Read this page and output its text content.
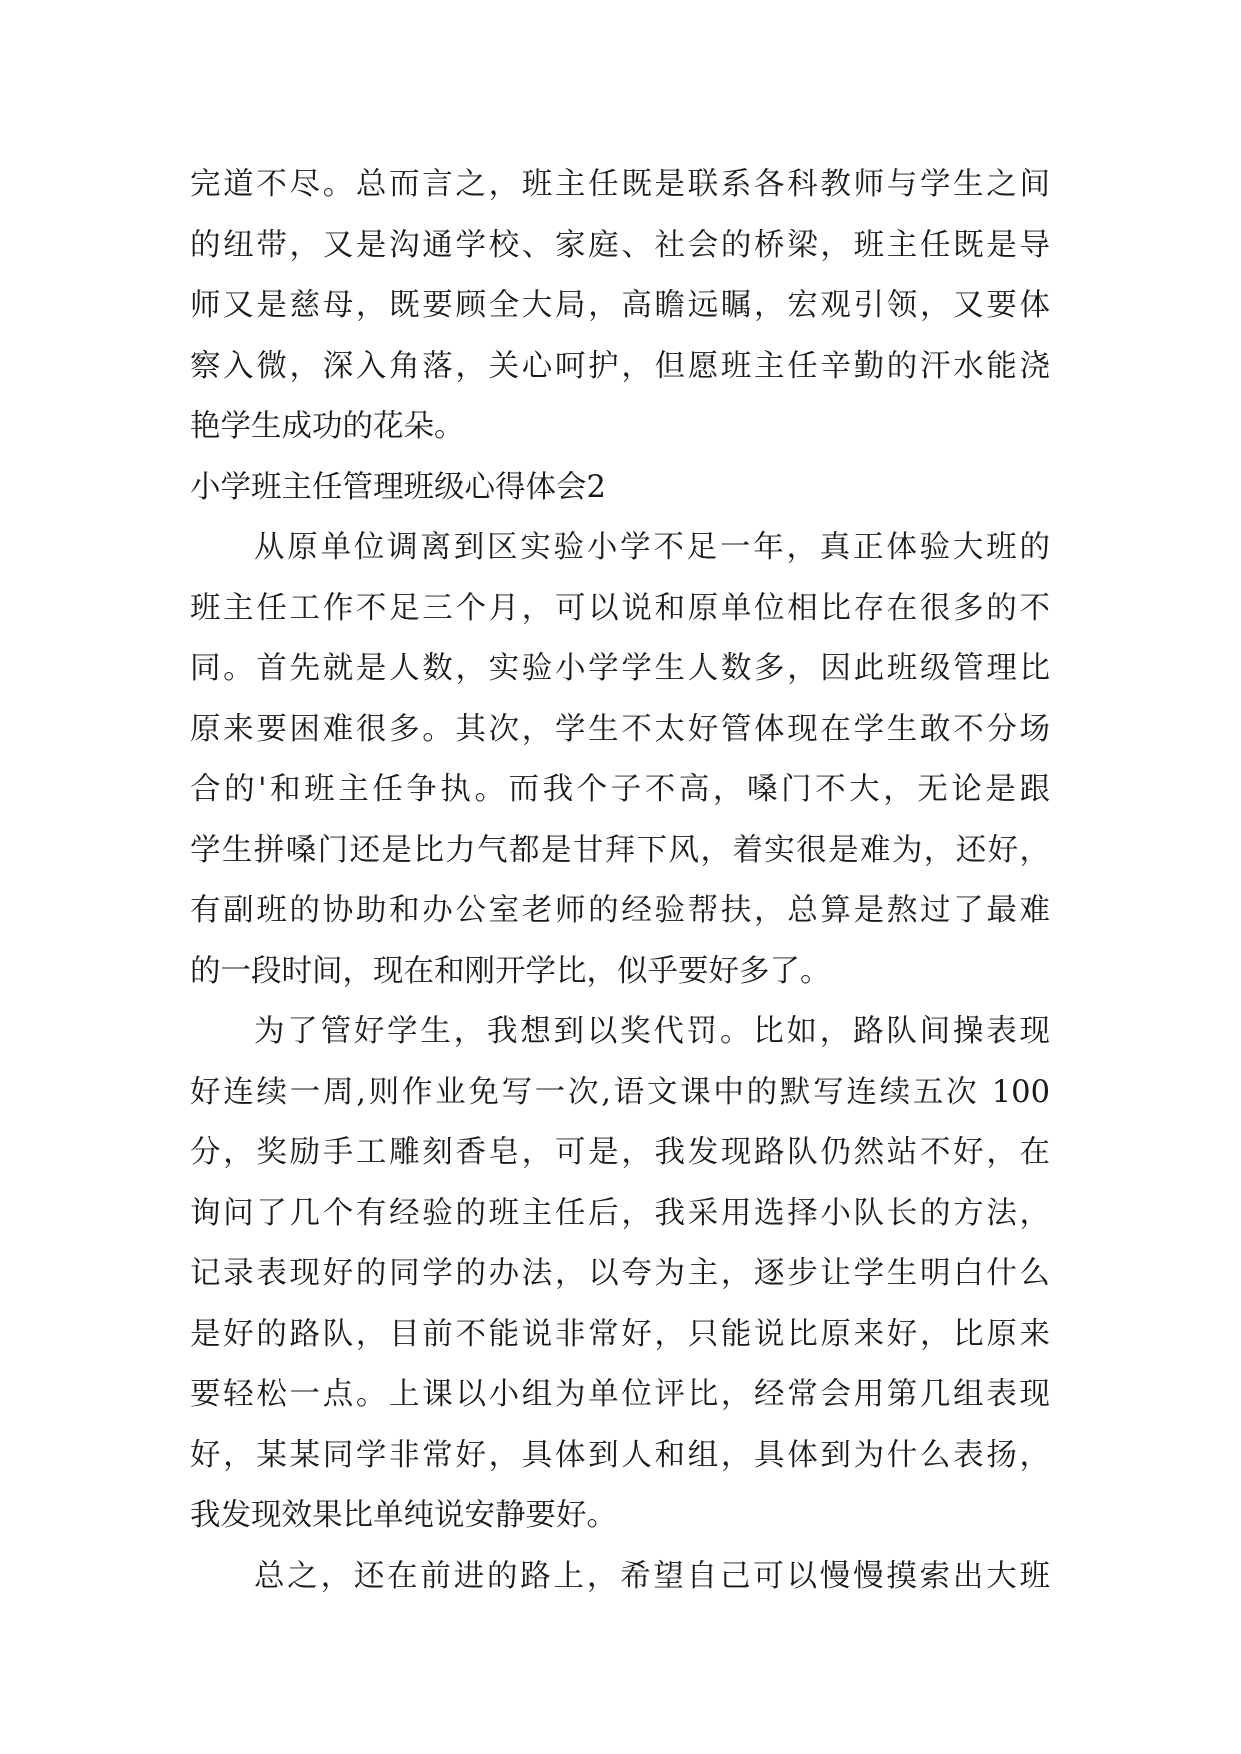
完道不尽。总而言之，班主任既是联系各科教师与学生之间
的纽带，又是沟通学校、家庭、社会的桥梁，班主任既是导
师又是慈母，既要顾全大局，高瞻远瞩，宏观引领，又要体
察入微，深入角落，关心呵护，但愿班主任辛勤的汗水能浇
艳学生成功的花朵。
小学班主任管理班级心得体会2
从原单位调离到区实验小学不足一年，真正体验大班的
班主任工作不足三个月，可以说和原单位相比存在很多的不
同。首先就是人数，实验小学学生人数多，因此班级管理比
原来要困难很多。其次，学生不太好管体现在学生敢不分场
合的'和班主任争执。而我个子不高，嗓门不大，无论是跟
学生拼嗓门还是比力气都是甘拜下风，着实很是难为，还好，
有副班的协助和办公室老师的经验帮扶，总算是熬过了最难
的一段时间，现在和刚开学比，似乎要好多了。
为了管好学生，我想到以奖代罚。比如，路队间操表现
好连续一周,则作业免写一次,语文课中的默写连续五次 100
分，奖励手工雕刻香皂，可是，我发现路队仍然站不好，在
询问了几个有经验的班主任后，我采用选择小队长的方法，
记录表现好的同学的办法，以夸为主，逐步让学生明白什么
是好的路队，目前不能说非常好，只能说比原来好，比原来
要轻松一点。上课以小组为单位评比，经常会用第几组表现
好，某某同学非常好，具体到人和组，具体到为什么表扬，
我发现效果比单纯说安静要好。
总之，还在前进的路上，希望自己可以慢慢摸索出大班
